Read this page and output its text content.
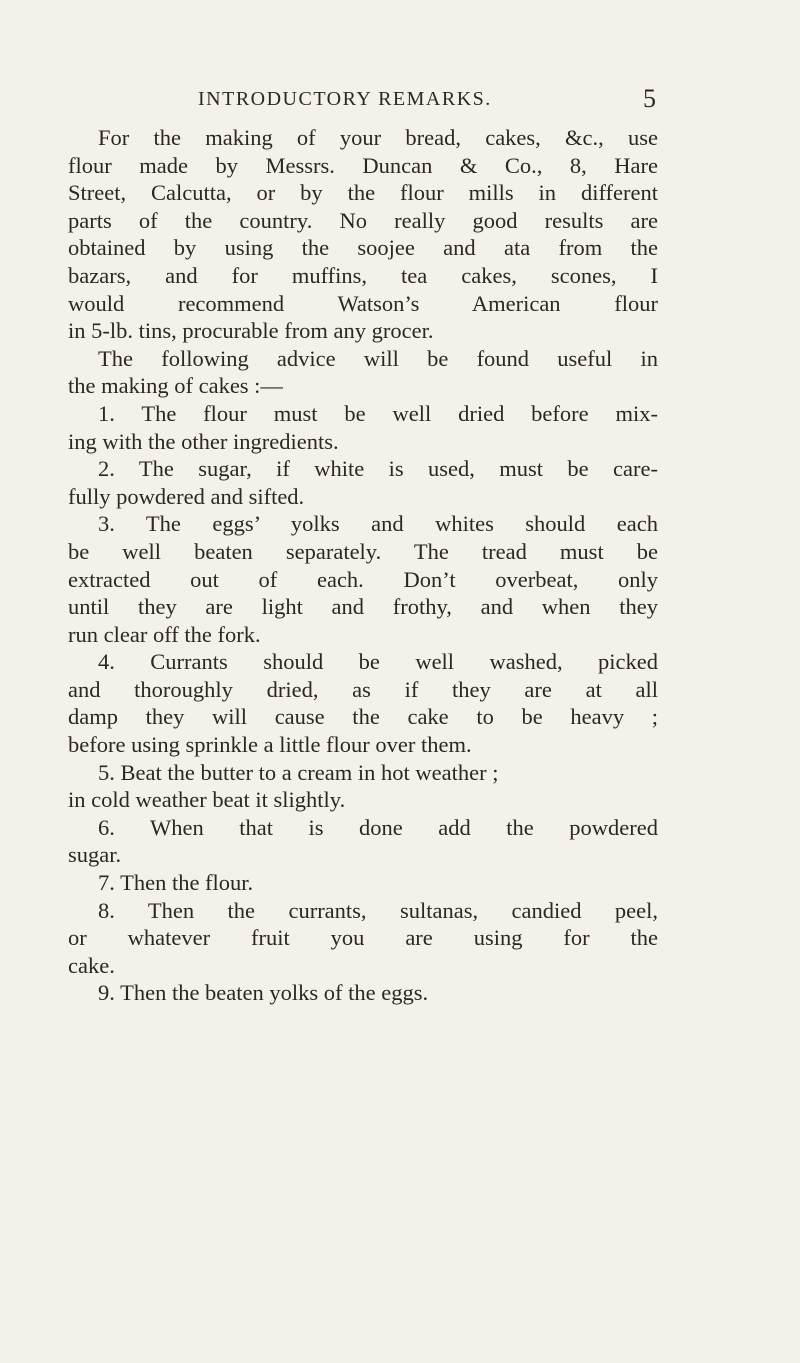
INTRODUCTORY REMARKS.	5
For the making of your bread, cakes, &c., use
flour made by Messrs. Duncan & Co., 8, Hare
Street, Calcutta, or by the flour mills in different
parts of the country. No really good results are
obtained by using the soojee and ata from the
bazars, and for muffins, tea cakes, scones, I
would recommend Watson’s American flour
in 5-lb. tins, procurable from any grocer.
The following advice will be found useful in
the making of cakes :—
1. The flour must be well dried before mix-
ing with the other ingredients.
2. The sugar, if white is used, must be care-
fully powdered and sifted.
3. The eggs’ yolks and whites should each
be well beaten separately. The tread must be
extracted out of each. Don’t overbeat, only
until they are light and frothy, and when they
run clear off the fork.
4. Currants should be well washed, picked
and thoroughly dried, as if they are at all
damp they will cause the cake to be heavy ;
before using sprinkle a little flour over them.
5. Beat the butter to a cream in hot weather ;
in cold weather beat it slightly.
6. When that is done add the powdered
sugar.
7. Then the flour.
8. Then the currants, sultanas, candied peel,
or whatever fruit you are using for the
cake.
9. Then the beaten yolks of the eggs.
